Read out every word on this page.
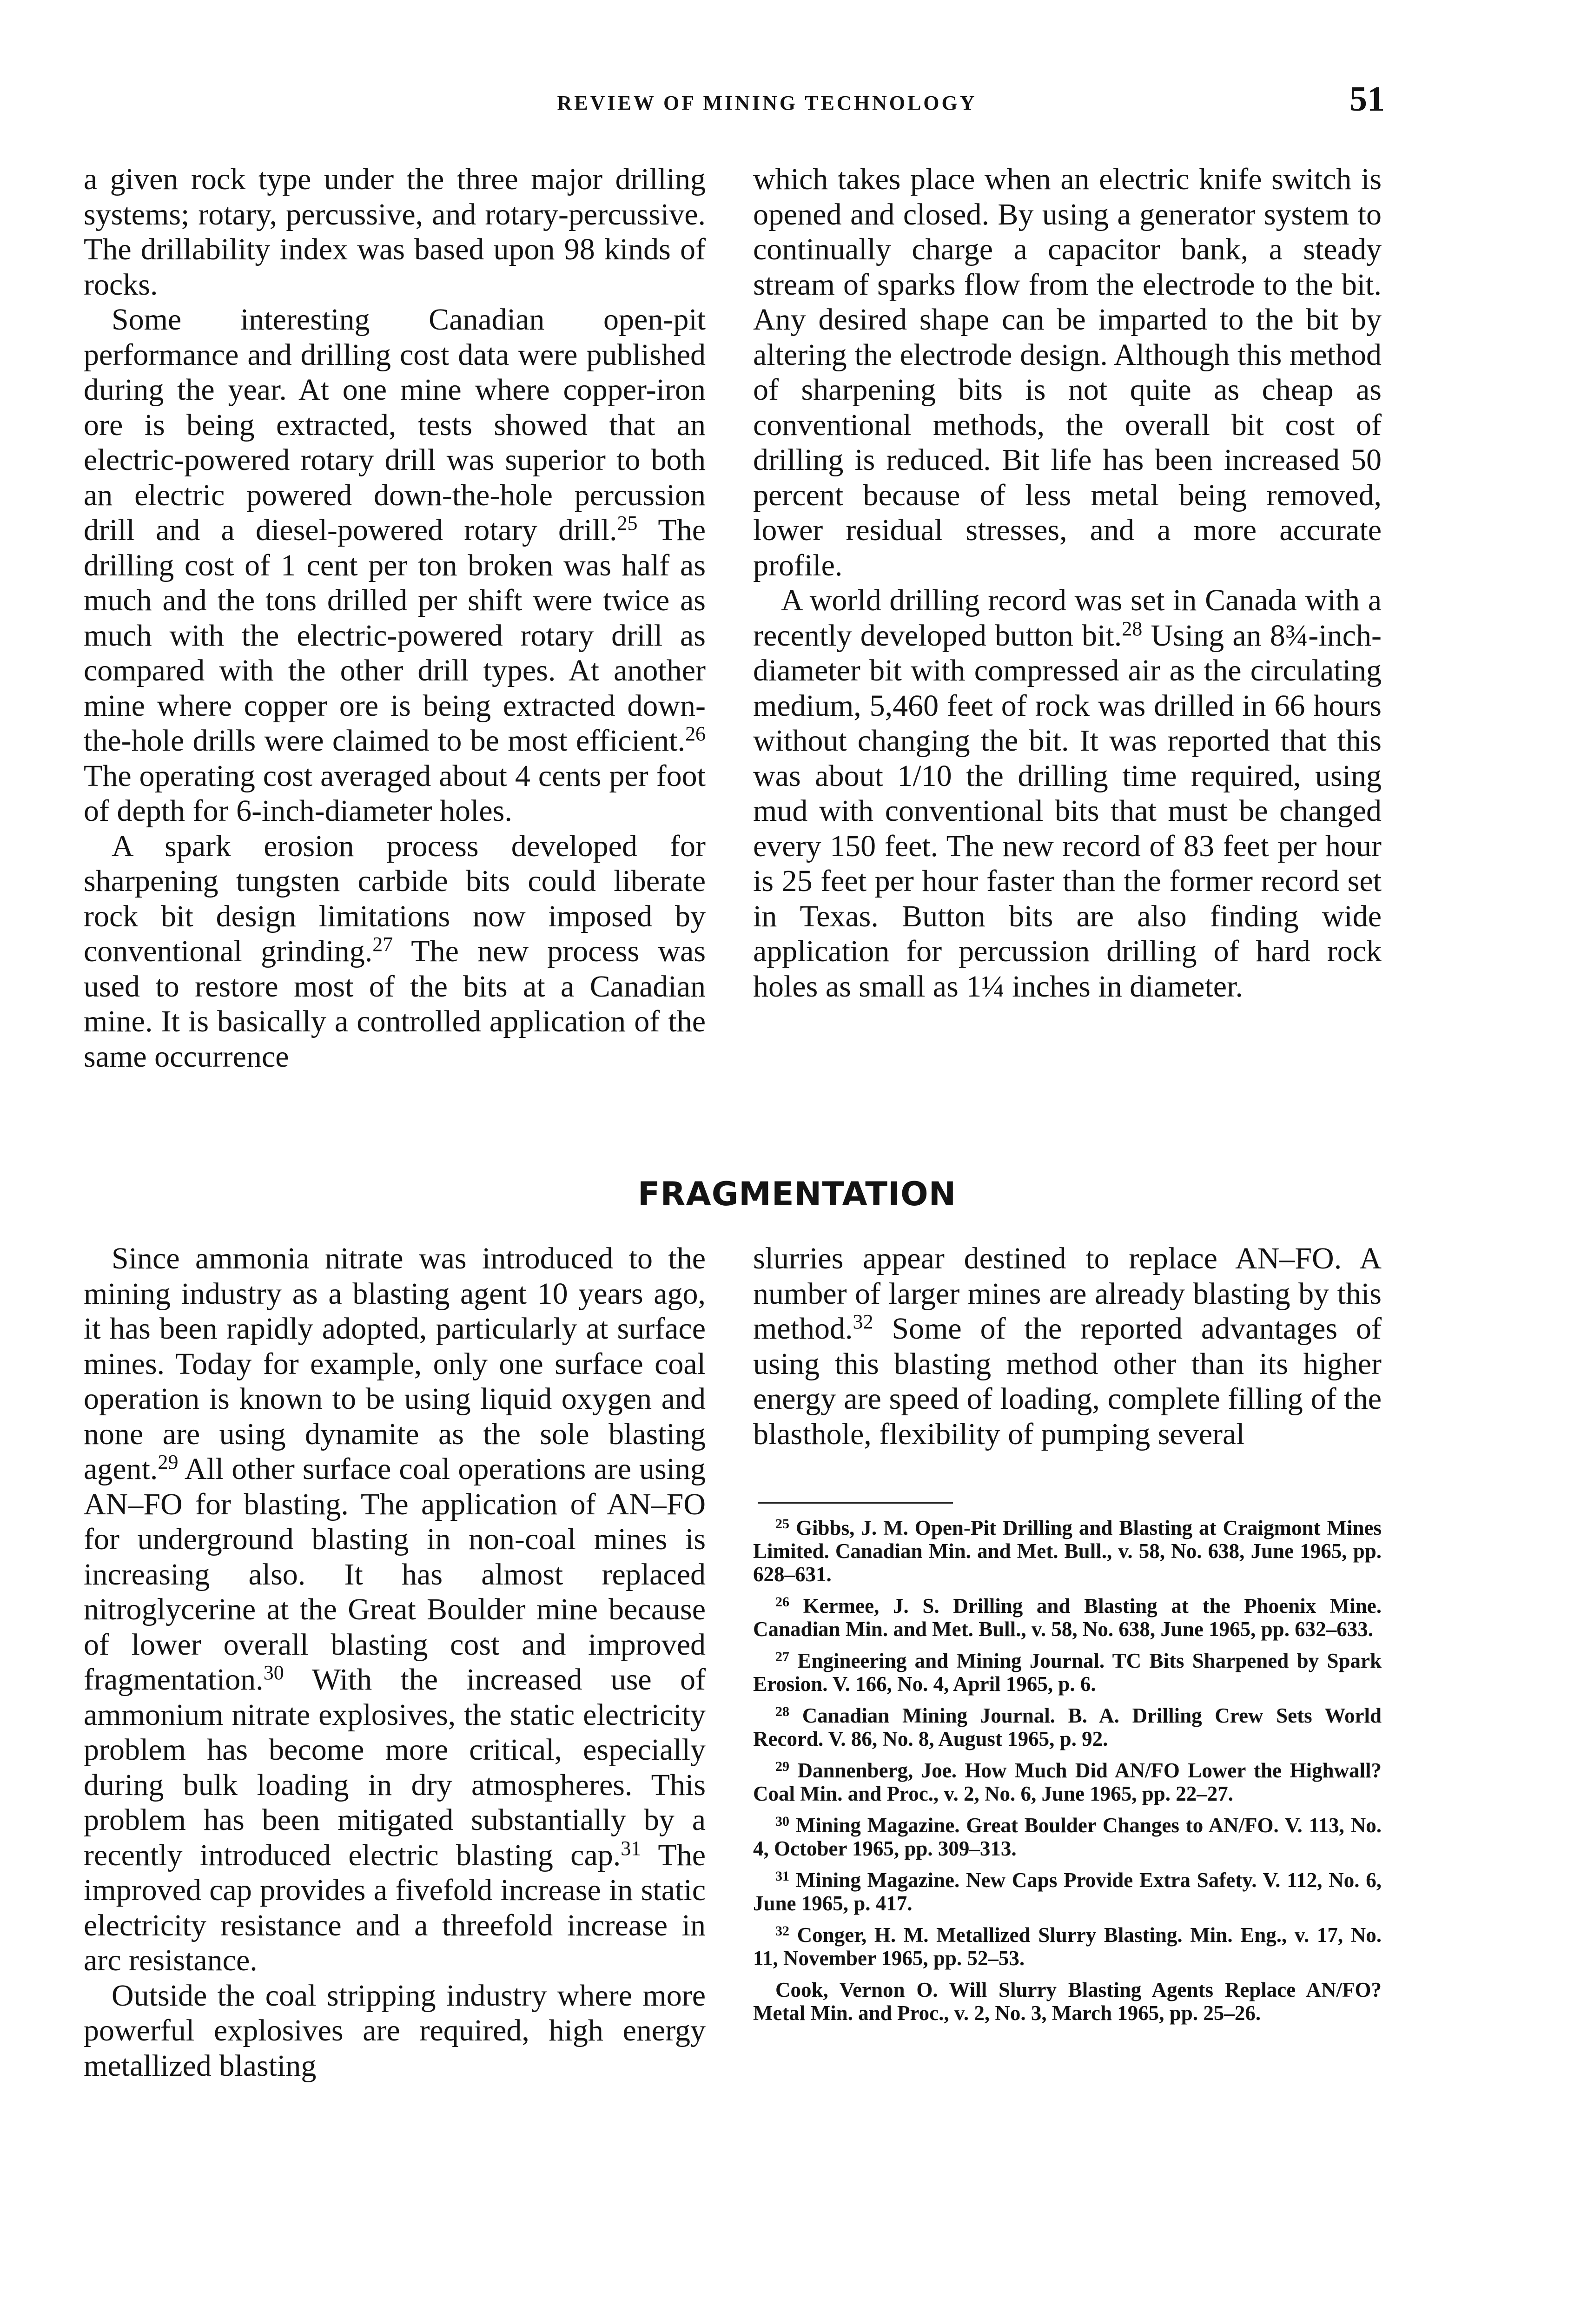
REVIEW OF MINING TECHNOLOGY	51

a given rock type under the three major drilling systems; rotary, percussive, and rotary-percussive. The drillability index was based upon 98 kinds of rocks.

Some interesting Canadian open-pit performance and drilling cost data were published during the year. At one mine where copper-iron ore is being extracted, tests showed that an electric-powered rotary drill was superior to both an electric powered down-the-hole percussion drill and a diesel-powered rotary drill.$^{25}$ The drilling cost of 1 cent per ton broken was half as much and the tons drilled per shift were twice as much with the electric-powered rotary drill as compared with the other drill types. At another mine where copper ore is being extracted down-the-hole drills were claimed to be most efficient.$^{26}$ The operating cost averaged about 4 cents per foot of depth for 6-inch-diameter holes.

A spark erosion process developed for sharpening tungsten carbide bits could liberate rock bit design limitations now imposed by conventional grinding.$^{27}$ The new process was used to restore most of the bits at a Canadian mine. It is basically a controlled application of the same occurrence

which takes place when an electric knife switch is opened and closed. By using a generator system to continually charge a capacitor bank, a steady stream of sparks flow from the electrode to the bit. Any desired shape can be imparted to the bit by altering the electrode design. Although this method of sharpening bits is not quite as cheap as conventional methods, the overall bit cost of drilling is reduced. Bit life has been increased 50 percent because of less metal being removed, lower residual stresses, and a more accurate profile.

A world drilling record was set in Canada with a recently developed button bit.$^{28}$ Using an 8¾-inch-diameter bit with compressed air as the circulating medium, 5,460 feet of rock was drilled in 66 hours without changing the bit. It was reported that this was about 1/10 the drilling time required, using mud with conventional bits that must be changed every 150 feet. The new record of 83 feet per hour is 25 feet per hour faster than the former record set in Texas. Button bits are also finding wide application for percussion drilling of hard rock holes as small as 1¼ inches in diameter.

FRAGMENTATION

Since ammonia nitrate was introduced to the mining industry as a blasting agent 10 years ago, it has been rapidly adopted, particularly at surface mines. Today for example, only one surface coal operation is known to be using liquid oxygen and none are using dynamite as the sole blasting agent.$^{29}$ All other surface coal operations are using AN–FO for blasting. The application of AN–FO for underground blasting in non-coal mines is increasing also. It has almost replaced nitroglycerine at the Great Boulder mine because of lower overall blasting cost and improved fragmentation.$^{30}$ With the increased use of ammonium nitrate explosives, the static electricity problem has become more critical, especially during bulk loading in dry atmospheres. This problem has been mitigated substantially by a recently introduced electric blasting cap.$^{31}$ The improved cap provides a fivefold increase in static electricity resistance and a threefold increase in arc resistance.

Outside the coal stripping industry where more powerful explosives are required, high energy metallized blasting

slurries appear destined to replace AN–FO. A number of larger mines are already blasting by this method.$^{32}$ Some of the reported advantages of using this blasting method other than its higher energy are speed of loading, complete filling of the blasthole, flexibility of pumping several

$^{25}$ Gibbs, J. M. Open-Pit Drilling and Blasting at Craigmont Mines Limited. Canadian Min. and Met. Bull., v. 58, No. 638, June 1965, pp. 628–631.

$^{26}$ Kermee, J. S. Drilling and Blasting at the Phoenix Mine. Canadian Min. and Met. Bull., v. 58, No. 638, June 1965, pp. 632–633.

$^{27}$ Engineering and Mining Journal. TC Bits Sharpened by Spark Erosion. V. 166, No. 4, April 1965, p. 6.

$^{28}$ Canadian Mining Journal. B. A. Drilling Crew Sets World Record. V. 86, No. 8, August 1965, p. 92.

$^{29}$ Dannenberg, Joe. How Much Did AN/FO Lower the Highwall? Coal Min. and Proc., v. 2, No. 6, June 1965, pp. 22–27.

$^{30}$ Mining Magazine. Great Boulder Changes to AN/FO. V. 113, No. 4, October 1965, pp. 309–313.

$^{31}$ Mining Magazine. New Caps Provide Extra Safety. V. 112, No. 6, June 1965, p. 417.

$^{32}$ Conger, H. M. Metallized Slurry Blasting. Min. Eng., v. 17, No. 11, November 1965, pp. 52–53.

Cook, Vernon O. Will Slurry Blasting Agents Replace AN/FO? Metal Min. and Proc., v. 2, No. 3, March 1965, pp. 25–26.
